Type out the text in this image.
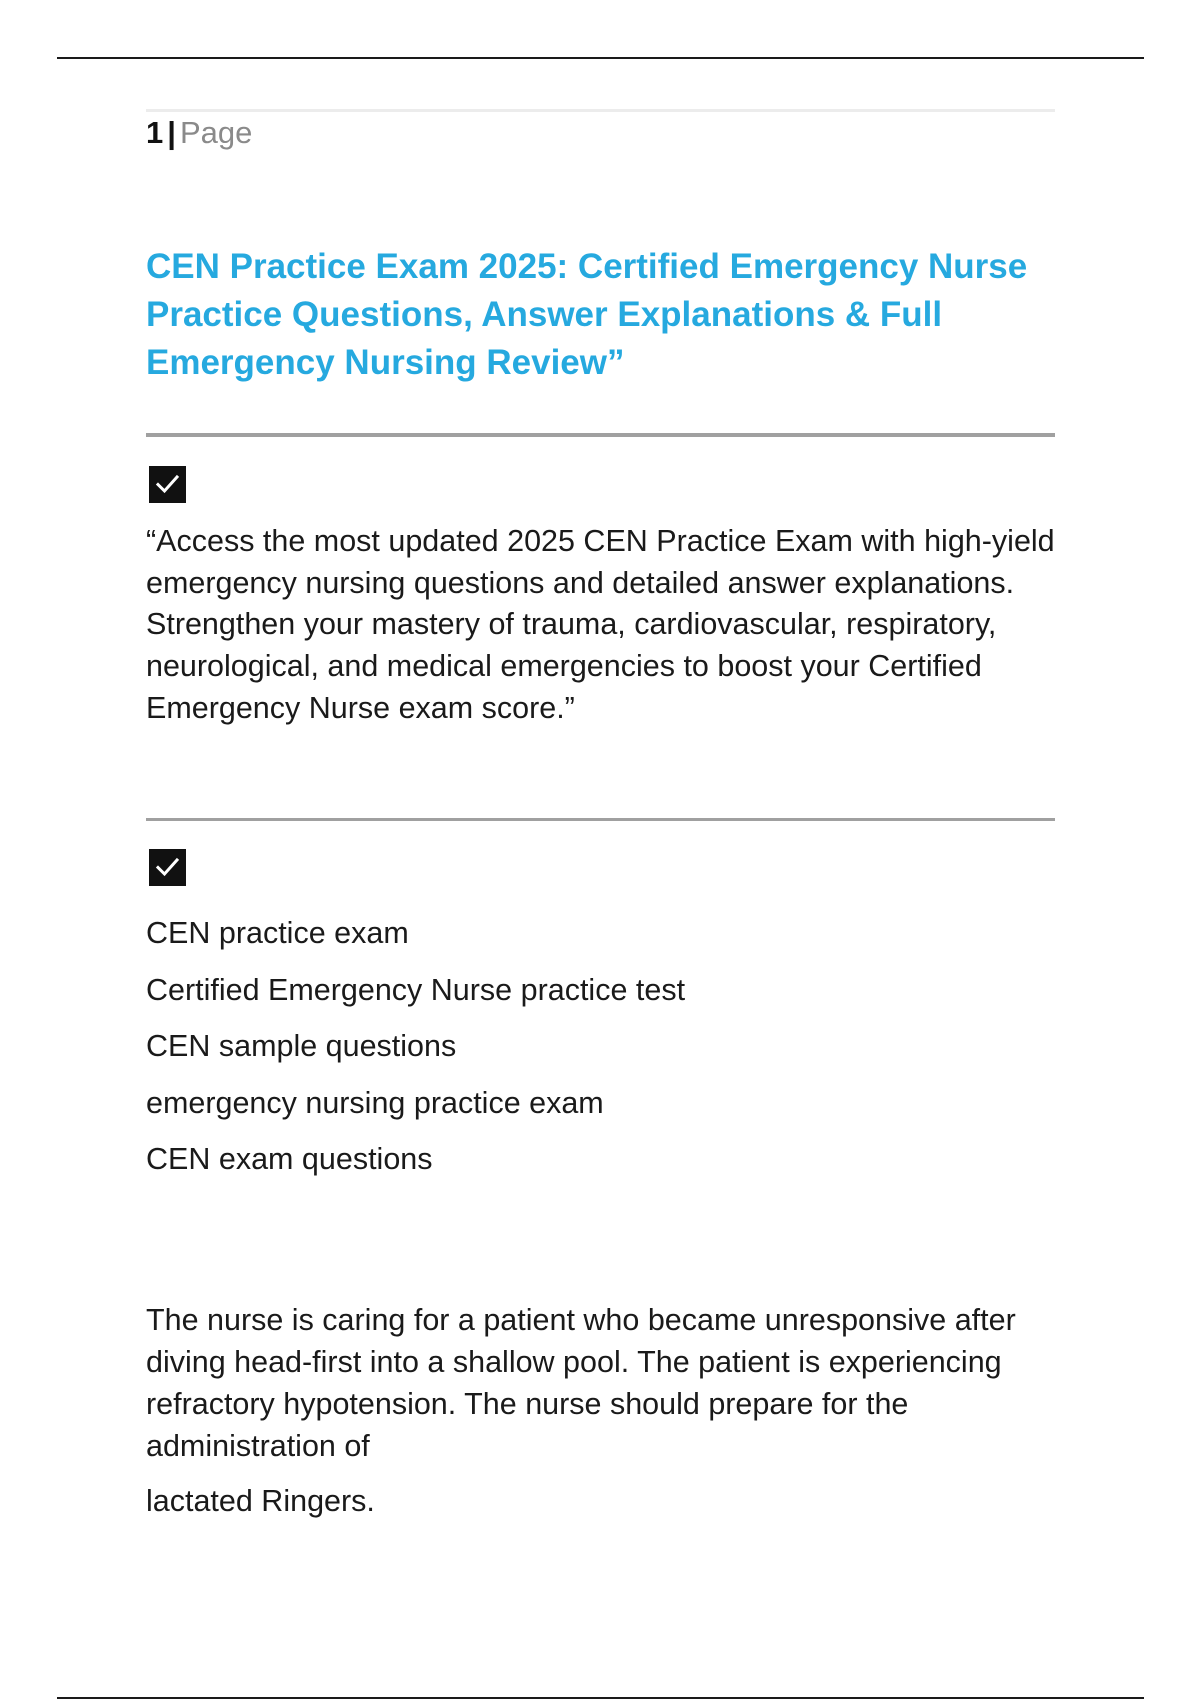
1 | Page
CEN Practice Exam 2025: Certified Emergency Nurse Practice Questions, Answer Explanations & Full Emergency Nursing Review”

“Access the most updated 2025 CEN Practice Exam with high-yield emergency nursing questions and detailed answer explanations. Strengthen your mastery of trauma, cardiovascular, respiratory, neurological, and medical emergencies to boost your Certified Emergency Nurse exam score.”

CEN practice exam
Certified Emergency Nurse practice test
CEN sample questions
emergency nursing practice exam
CEN exam questions

The nurse is caring for a patient who became unresponsive after diving head-first into a shallow pool. The patient is experiencing refractory hypotension. The nurse should prepare for the administration of

lactated Ringers.
